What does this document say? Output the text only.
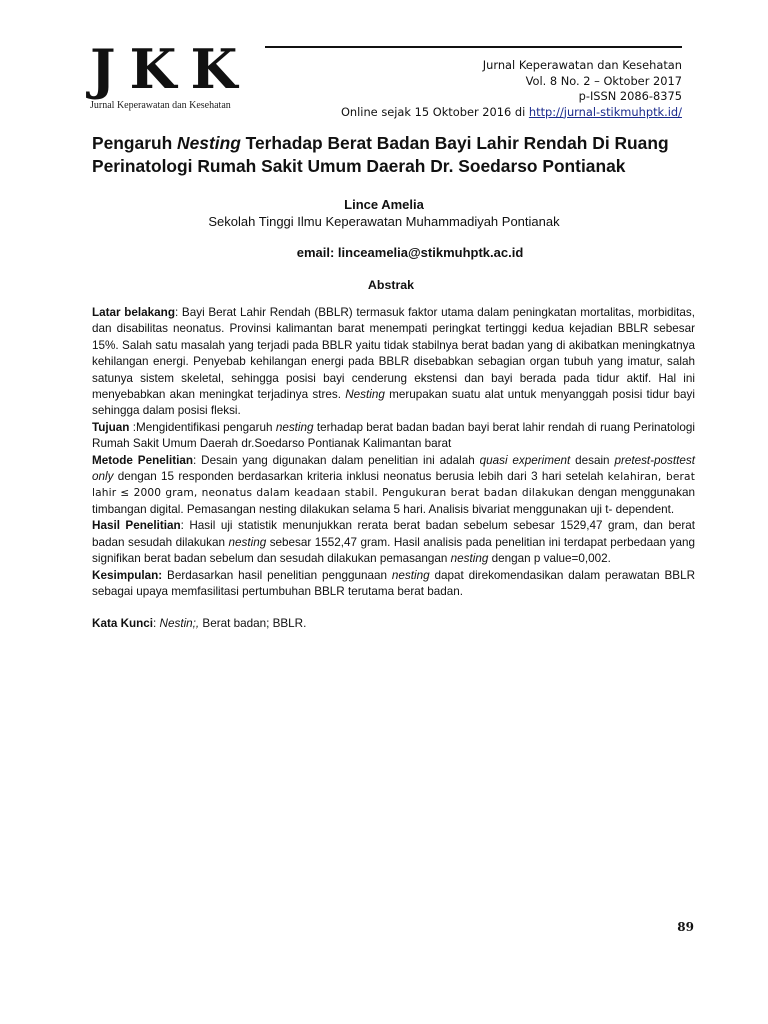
JKK
Jurnal Keperawatan dan Kesehatan
Jurnal Keperawatan dan Kesehatan
Vol. 8 No. 2 – Oktober 2017
p-ISSN 2086-8375
Online sejak 15 Oktober 2016 di http://jurnal-stikmuhptk.id/
Pengaruh Nesting Terhadap Berat Badan Bayi Lahir Rendah Di Ruang Perinatologi Rumah Sakit Umum Daerah Dr. Soedarso Pontianak
Lince Amelia
Sekolah Tinggi Ilmu Keperawatan Muhammadiyah Pontianak
email: linceamelia@stikmuhptk.ac.id
Abstrak

Latar belakang: Bayi Berat Lahir Rendah (BBLR) termasuk faktor utama dalam peningkatan mortalitas, morbiditas, dan disabilitas neonatus. Provinsi kalimantan barat menempati peringkat tertinggi kedua kejadian BBLR sebesar 15%. Salah satu masalah yang terjadi pada BBLR yaitu tidak stabilnya berat badan yang di akibatkan meningkatnya kehilangan energi. Penyebab kehilangan energi pada BBLR disebabkan sebagian organ tubuh yang imatur, salah satunya sistem skeletal, sehingga posisi bayi cenderung ekstensi dan bayi berada pada tidur aktif. Hal ini menyebabkan akan meningkat terjadinya stres. Nesting merupakan suatu alat untuk menyanggah posisi tidur bayi sehingga dalam posisi fleksi.

Tujuan :Mengidentifikasi pengaruh nesting terhadap berat badan badan bayi berat lahir rendah di ruang Perinatologi Rumah Sakit Umum Daerah dr.Soedarso Pontianak Kalimantan barat

Metode Penelitian: Desain yang digunakan dalam penelitian ini adalah quasi experiment desain pretest-posttest only dengan 15 responden berdasarkan kriteria inklusi neonatus berusia lebih dari 3 hari setelah kelahiran, berat lahir ≤ 2000 gram, neonatus dalam keadaan stabil. Pengukuran berat badan dilakukan dengan menggunakan timbangan digital. Pemasangan nesting dilakukan selama 5 hari. Analisis bivariat menggunakan uji t- dependent.

Hasil Penelitian: Hasil uji statistik menunjukkan rerata berat badan sebelum sebesar 1529,47 gram, dan berat badan sesudah dilakukan nesting sebesar 1552,47 gram. Hasil analisis pada penelitian ini terdapat perbedaan yang signifikan berat badan sebelum dan sesudah dilakukan pemasangan nesting dengan p value=0,002.

Kesimpulan: Berdasarkan hasil penelitian penggunaan nesting dapat direkomendasikan dalam perawatan BBLR sebagai upaya memfasilitasi pertumbuhan BBLR terutama berat badan.

Kata Kunci: Nestin;, Berat badan; BBLR.

89
